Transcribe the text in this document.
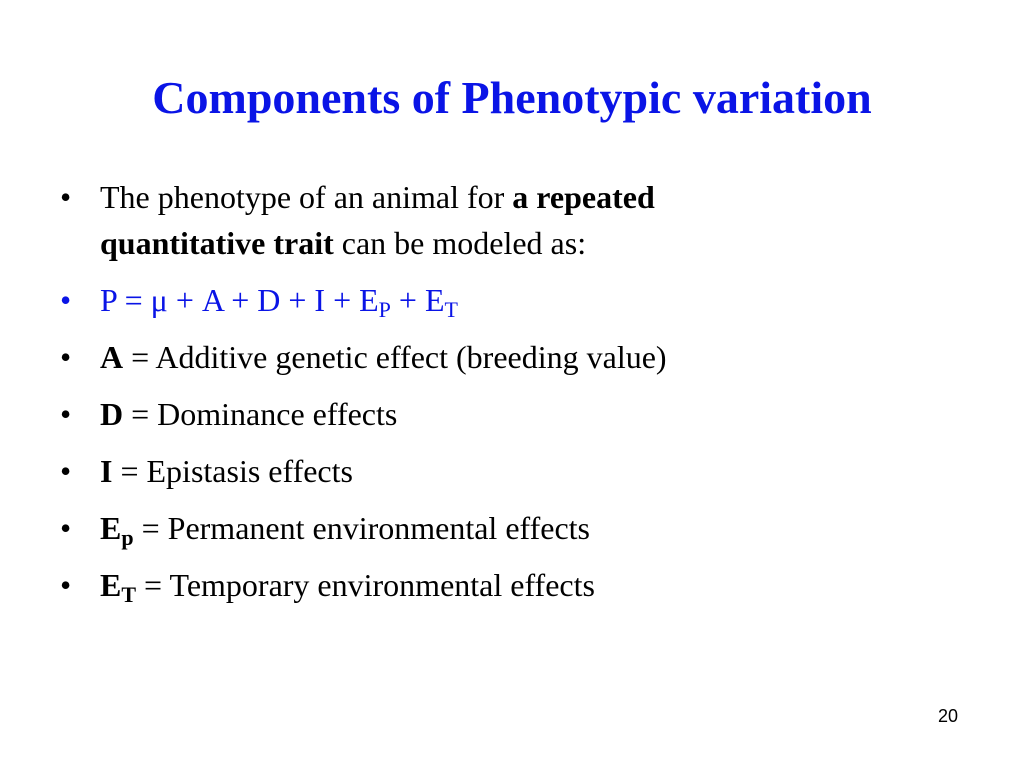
Components of Phenotypic variation
• The phenotype of an animal for a repeated
quantitative trait can be modeled as:
• $P = \mu + A + D + I + E_P + E_T$
• A = Additive genetic effect (breeding value)
• D = Dominance effects
• I = Epistasis effects
• $E_p$ = Permanent environmental effects
• $E_T$ = Temporary environmental effects
20
